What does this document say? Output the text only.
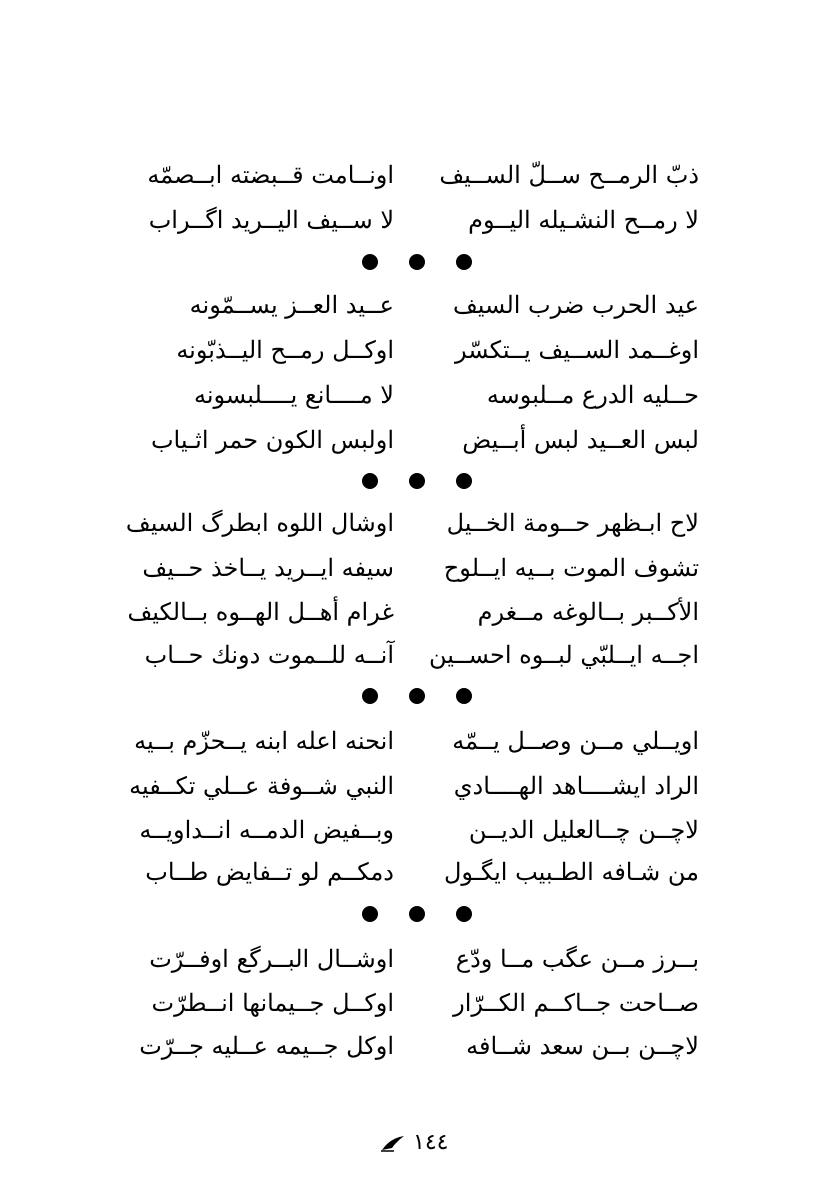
ذبّ الرمــح ســلّ الســيف
اونــامت قــبضته ابــصمّه
لا رمــح النشـيله اليــوم
لا ســيف اليــريد اگــراب
عيد الحرب ضرب السيف
عــيد العــز يســمّونه
اوغــمد الســيف يــتكسّر
اوكــل رمــح اليــذبّونه
حــليه الدرع مــلبوسه
لا مــــانع يــــلبسونه
لبس العــيد لبس أبــيض
اولبس الكون حمر اثـياب
لاح ابـظهر حــومة الخــيل
اوشال اللوه ابطرگ السيف
تشوف الموت بــيه ايــلوح
سيفه ايــريد يــاخذ حــيف
الأكــبر بــالوغه مــغرم
غرام أهــل الهــوه بــالكيف
اجــه ايــلبّي لبــوه احســين
آنــه للــموت دونك حــاب
اويــلي مــن وصــل يــمّه
انحنه اعله ابنه يــحزّم بــيه
الراد ايشــــاهد الهــــادي
النبي شــوفة عــلي تكــفيه
لاچــن چــالعليل الديــن
وبــفيض الدمــه انــداويــه
من شـافه الطـبيب ايگـول
دمكــم لو تــفايض طــاب
بــرز مــن عگب مــا ودّع
اوشــال البــرگع اوفــرّت
صــاحت جــاكــم الكــرّار
اوكــل جــيمانها انــطرّت
لاچــن بــن سعد شــافه
اوكل جــيمه عــليه جــرّت
١٤٤
